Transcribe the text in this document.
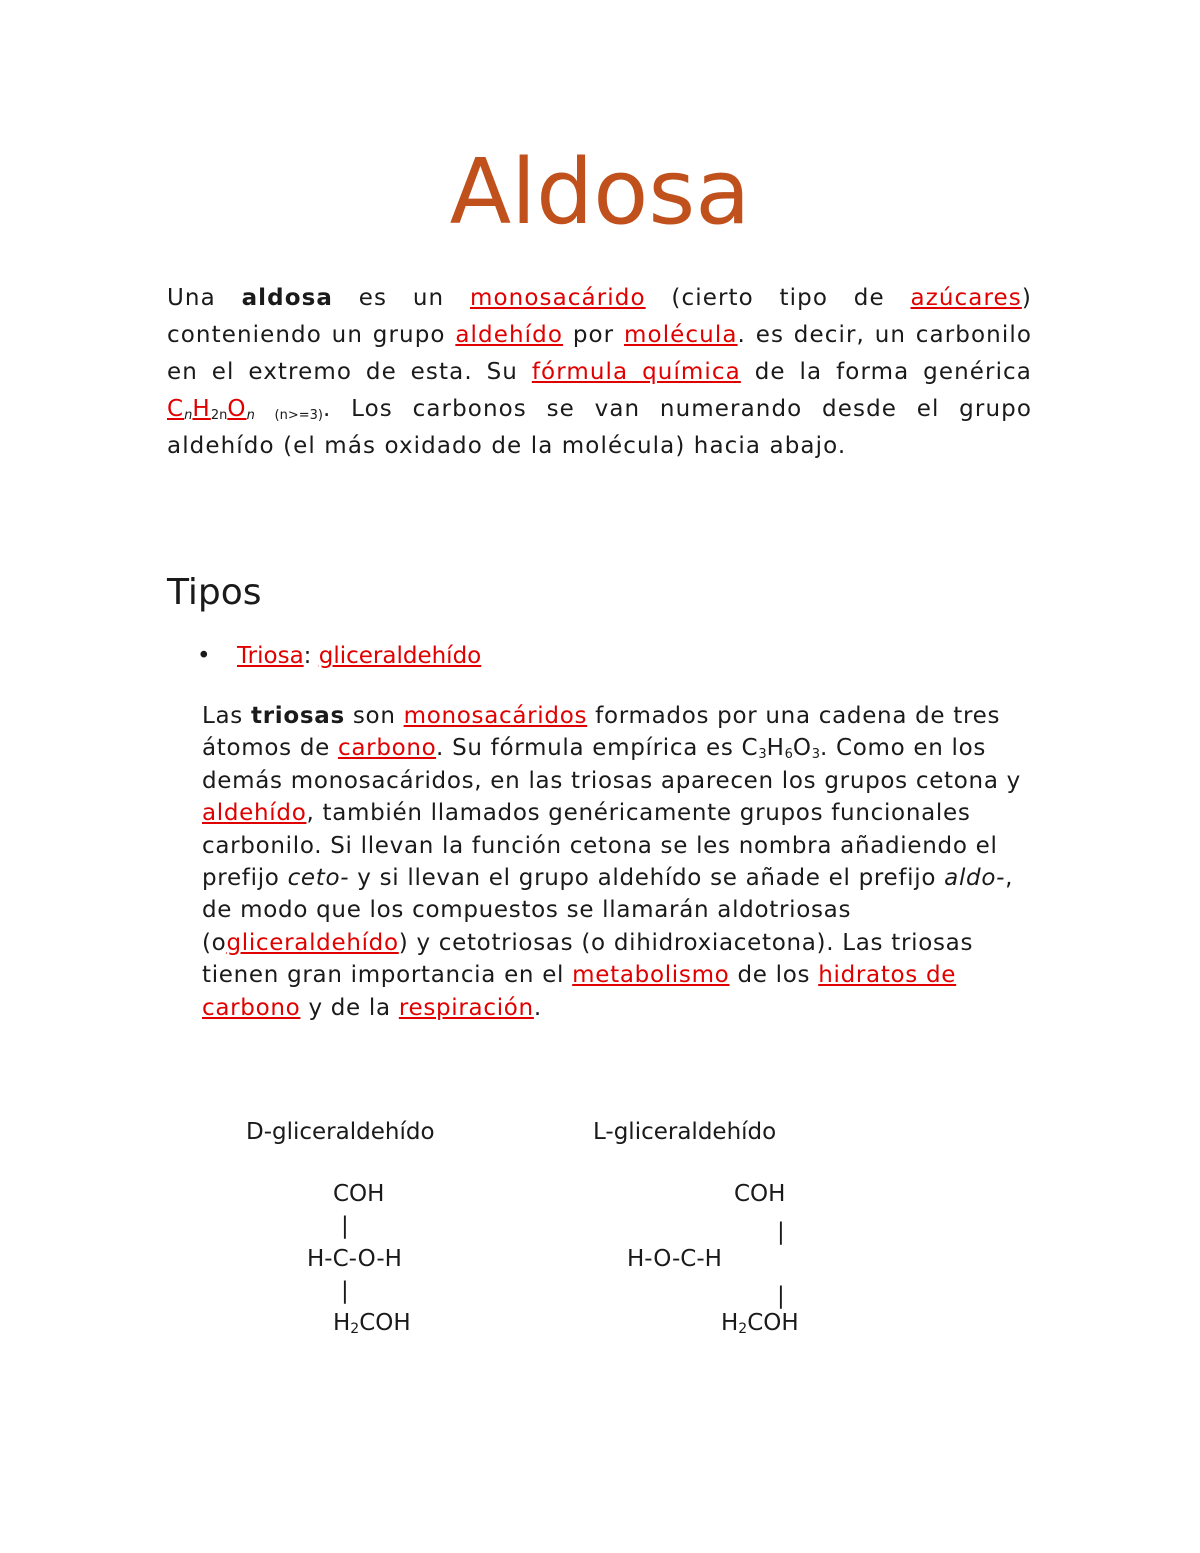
Aldosa

Una aldosa es un monosacárido (cierto tipo de azúcares) conteniendo un grupo aldehído por molécula. es decir, un carbonilo en el extremo de esta. Su fórmula química de la forma genérica CnH$_{2n}$On (n>=3). Los carbonos se van numerando desde el grupo aldehído (el más oxidado de la molécula) hacia abajo.

Tipos
• Triosa: gliceraldehído

Las triosas son monosacáridos formados por una cadena de tres átomos de carbono. Su fórmula empírica es $C_3H_6O_3$. Como en los demás monosacáridos, en las triosas aparecen los grupos cetona y aldehído, también llamados genéricamente grupos funcionales carbonilo. Si llevan la función cetona se les nombra añadiendo el prefijo ceto- y si llevan el grupo aldehído se añade el prefijo aldo-, de modo que los compuestos se llamarán aldotriosas (ogliceraldehído) y cetotriosas (o dihidroxiacetona). Las triosas tienen gran importancia en el metabolismo de los hidratos de carbono y de la respiración.

D-gliceraldehído

COH

|

H-C-O-H

|

H2COH

L-gliceraldehído

COH

|

H-O-C-H

|

H2COH
